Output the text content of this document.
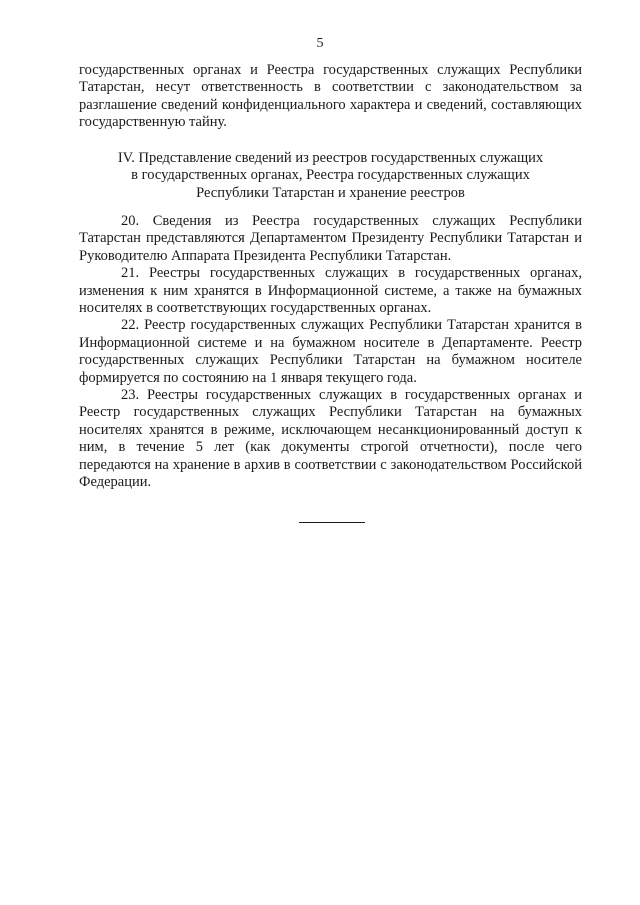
5

государственных органах и Реестра государственных служащих Республики Татарстан, несут ответственность в соответствии с законодательством за разглашение сведений конфиденциального характера и сведений, составляющих государственную тайну.

IV. Представление сведений из реестров государственных служащих
в государственных органах, Реестра государственных служащих
Республики Татарстан и хранение реестров

20. Сведения из Реестра государственных служащих Республики Татарстан представляются Департаментом Президенту Республики Татарстан и Руководителю Аппарата Президента Республики Татарстан.

21. Реестры государственных служащих в государственных органах, изменения к ним хранятся в Информационной системе, а также на бумажных носителях в соответствующих государственных органах.

22. Реестр государственных служащих Республики Татарстан хранится в Информационной системе и на бумажном носителе в Департаменте. Реестр государственных служащих Республики Татарстан на бумажном носителе формируется по состоянию на 1 января текущего года.

23. Реестры государственных служащих в государственных органах и Реестр государственных служащих Республики Татарстан на бумажных носителях хранятся в режиме, исключающем несанкционированный доступ к ним, в течение 5 лет (как документы строгой отчетности), после чего передаются на хранение в архив в соответствии с законодательством Российской Федерации.
